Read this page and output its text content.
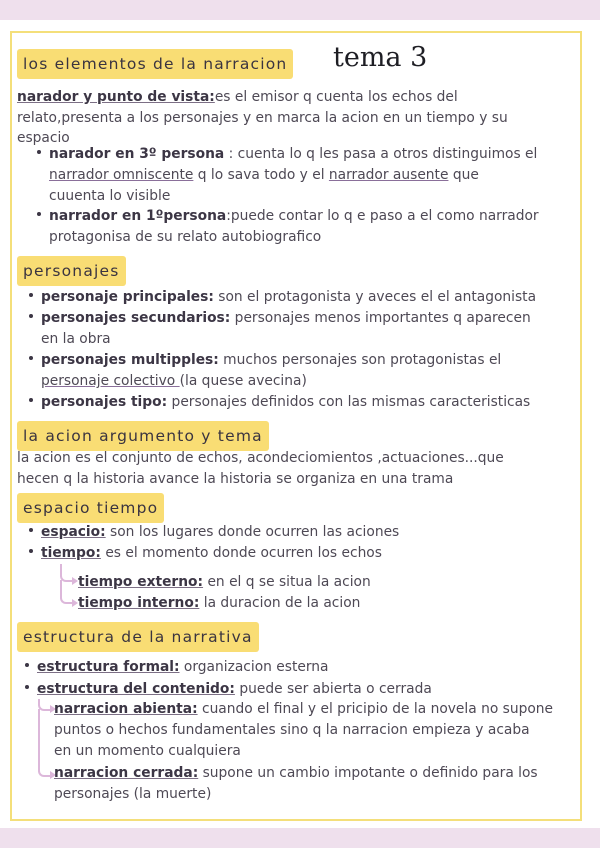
los elementos de la narracion tema 3
narador y punto de vista:es el emisor q cuenta los echos del
relato,presenta a los personajes y en marca la acion en un tiempo y su
espacio
narador en 3º persona : cuenta lo q les pasa a otros distinguimos el
narrador omniscente q lo sava todo y el narrador ausente que
cuuenta lo visible
narrador en 1ºpersona:puede contar lo q e paso a el como narrador
protagonisa de su relato autobiografico
personajes
personaje principales: son el protagonista y aveces el el antagonista
personajes secundarios: personajes menos importantes q aparecen
en la obra
personajes multipples: muchos personajes son protagonistas el
personaje colectivo (la quese avecina)
personajes tipo: personajes definidos con las mismas caracteristicas
la acion argumento y tema
la acion es el conjunto de echos, acondeciomientos ,actuaciones...que
hecen q la historia avance la historia se organiza en una trama
espacio tiempo
espacio: son los lugares donde ocurren las aciones
tiempo: es el momento donde ocurren los echos
tiempo externo: en el q se situa la acion
tiempo interno: la duracion de la acion
estructura de la narrativa
estructura formal: organizacion esterna
estructura del contenido: puede ser abierta o cerrada
narracion abienta: cuando el final y el pricipio de la novela no supone
puntos o hechos fundamentales sino q la narracion empieza y acaba
en un momento cualquiera
narracion cerrada: supone un cambio impotante o definido para los
personajes (la muerte)
